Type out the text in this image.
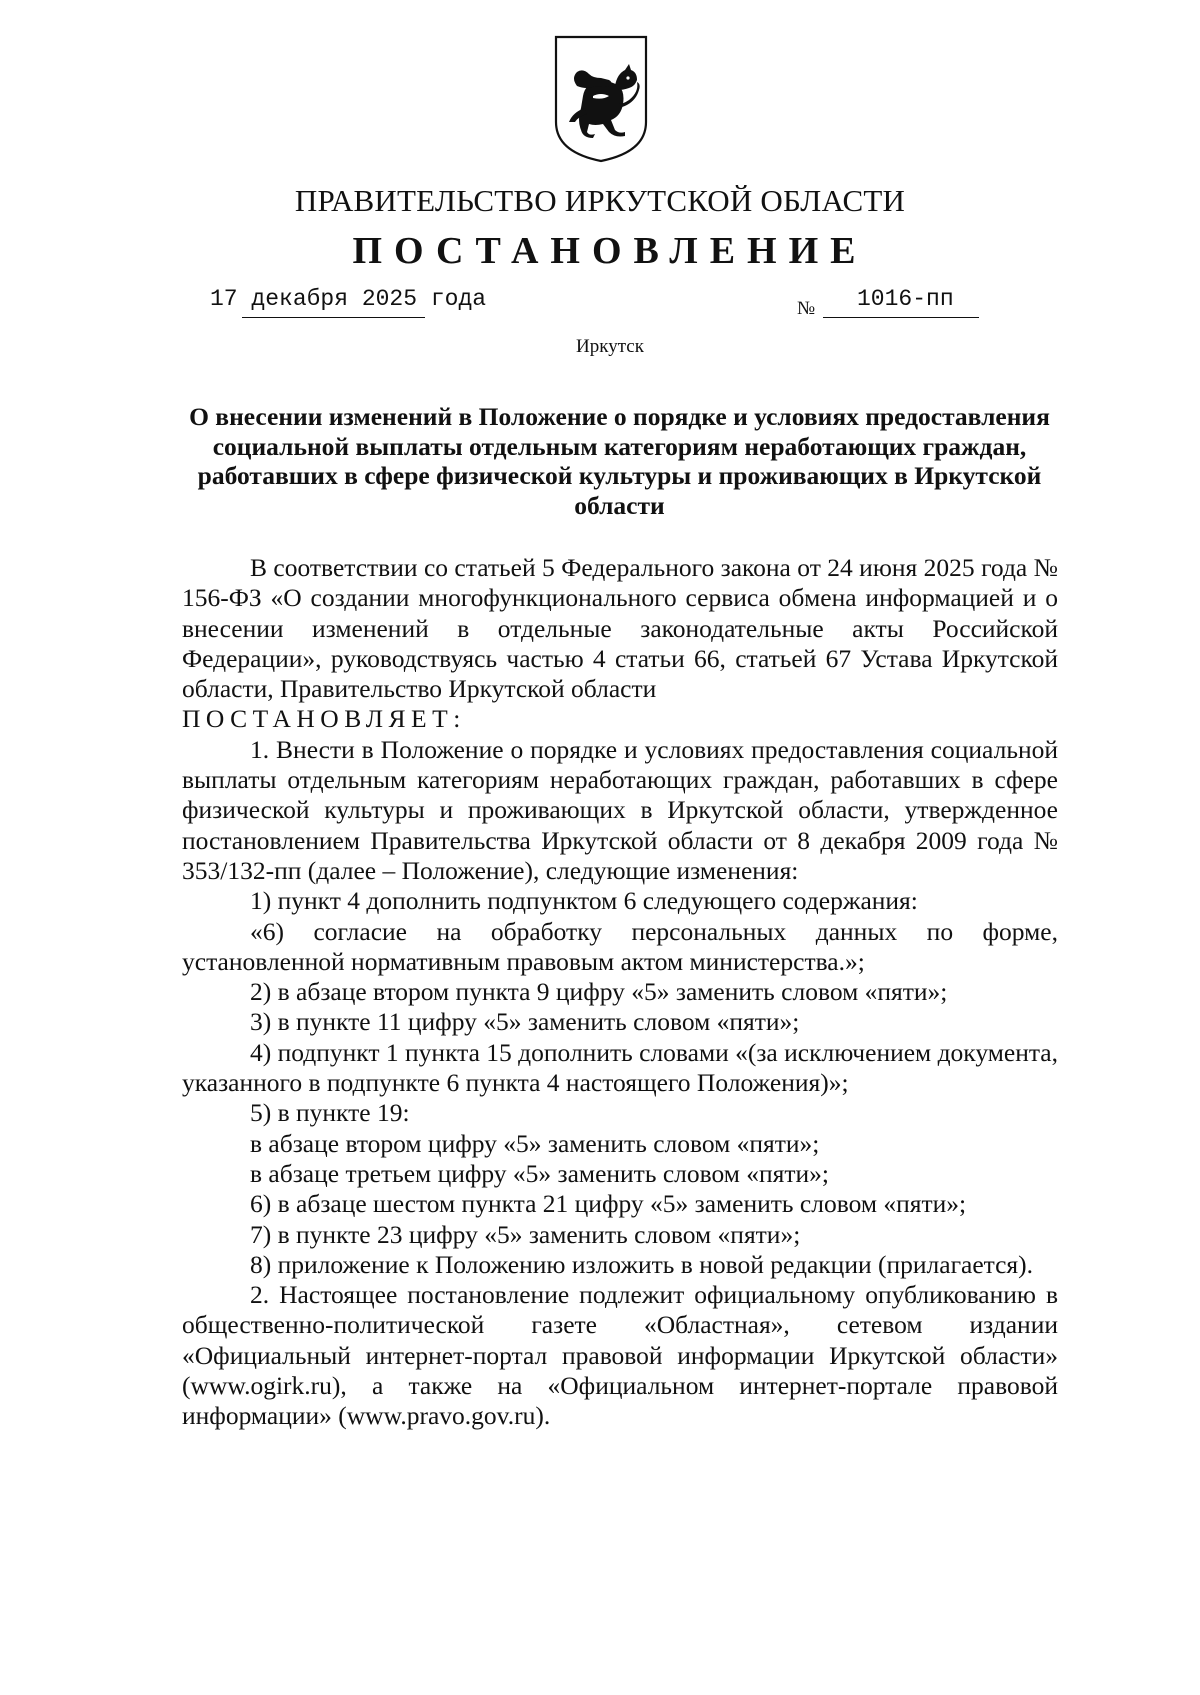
ПРАВИТЕЛЬСТВО ИРКУТСКОЙ ОБЛАСТИ
ПОСТАНОВЛЕНИЕ
17 декабря 2025 года	№ 1016-пп
Иркутск
О внесении изменений в Положение о порядке и условиях предоставления социальной выплаты отдельным категориям неработающих граждан, работавших в сфере физической культуры и проживающих в Иркутской области

В соответствии со статьей 5 Федерального закона от 24 июня 2025 года № 156-ФЗ «О создании многофункционального сервиса обмена информацией и о внесении изменений в отдельные законодательные акты Российской Федерации», руководствуясь частью 4 статьи 66, статьей 67 Устава Иркутской области, Правительство Иркутской области

ПОСТАНОВЛЯЕТ:

1. Внести в Положение о порядке и условиях предоставления социальной выплаты отдельным категориям неработающих граждан, работавших в сфере физической культуры и проживающих в Иркутской области, утвержденное постановлением Правительства Иркутской области от 8 декабря 2009 года № 353/132-пп (далее – Положение), следующие изменения:

1) пункт 4 дополнить подпунктом 6 следующего содержания:

«6) согласие на обработку персональных данных по форме, установленной нормативным правовым актом министерства.»;

2) в абзаце втором пункта 9 цифру «5» заменить словом «пяти»;

3) в пункте 11 цифру «5» заменить словом «пяти»;

4) подпункт 1 пункта 15 дополнить словами «(за исключением документа, указанного в подпункте 6 пункта 4 настоящего Положения)»;

5) в пункте 19:

в абзаце втором цифру «5» заменить словом «пяти»;

в абзаце третьем цифру «5» заменить словом «пяти»;

6) в абзаце шестом пункта 21 цифру «5» заменить словом «пяти»;

7) в пункте 23 цифру «5» заменить словом «пяти»;

8) приложение к Положению изложить в новой редакции (прилагается).

2. Настоящее постановление подлежит официальному опубликованию в общественно-политической газете «Областная», сетевом издании «Официальный интернет-портал правовой информации Иркутской области» (www.ogirk.ru), а также на «Официальном интернет-портале правовой информации» (www.pravo.gov.ru).
